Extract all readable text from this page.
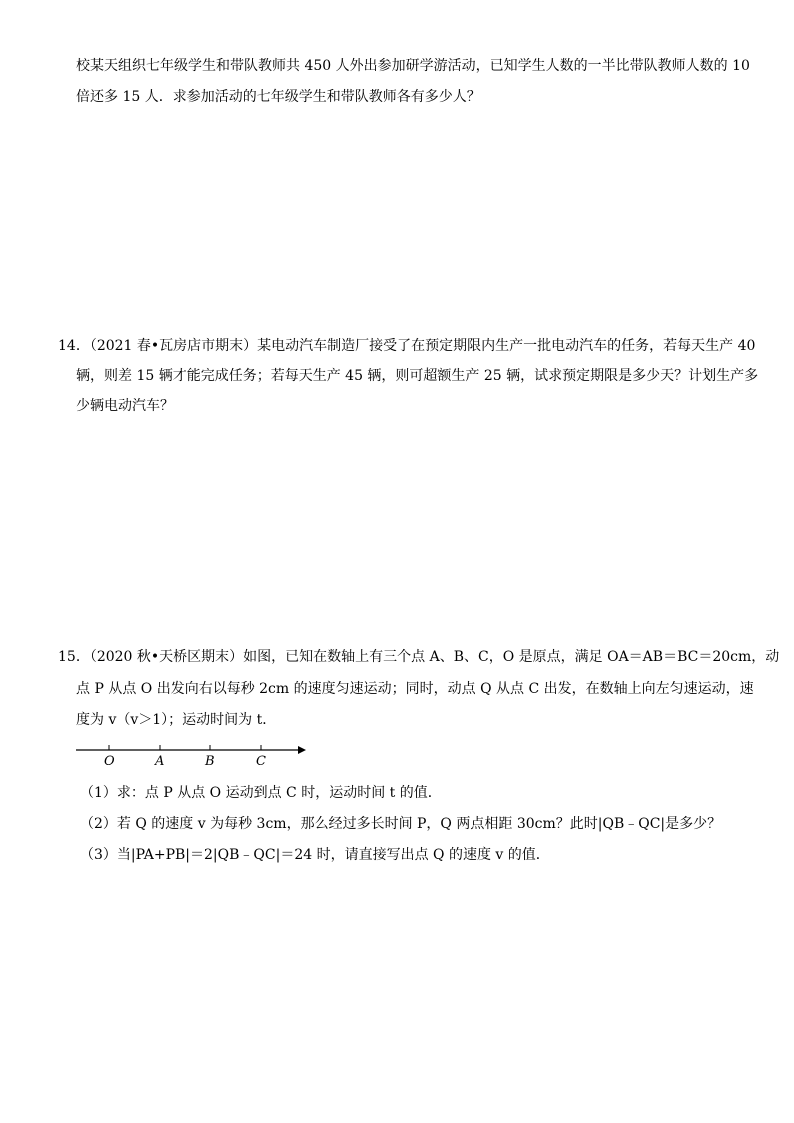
校某天组织七年级学生和带队教师共 450 人外出参加研学游活动，已知学生人数的一半比带队教师人数的 10
倍还多 15 人．求参加活动的七年级学生和带队教师各有多少人？
14．（2021 春•瓦房店市期末）某电动汽车制造厂接受了在预定期限内生产一批电动汽车的任务，若每天生产 40
辆，则差 15 辆才能完成任务；若每天生产 45 辆，则可超额生产 25 辆，试求预定期限是多少天？计划生产多
少辆电动汽车？
15．（2020 秋•天桥区期末）如图，已知在数轴上有三个点 A、B、C，O 是原点，满足 OA＝AB＝BC＝20cm，动
点 P 从点 O 出发向右以每秒 2cm 的速度匀速运动；同时，动点 Q 从点 C 出发，在数轴上向左匀速运动，速
度为 v（v＞1）；运动时间为 t．
O	A	B	C
（1）求：点 P 从点 O 运动到点 C 时，运动时间 t 的值．
（2）若 Q 的速度 v 为每秒 3cm，那么经过多长时间 P，Q 两点相距 30cm？此时|QB﹣QC|是多少？
（3）当|PA+PB|＝2|QB﹣QC|＝24 时，请直接写出点 Q 的速度 v 的值．
